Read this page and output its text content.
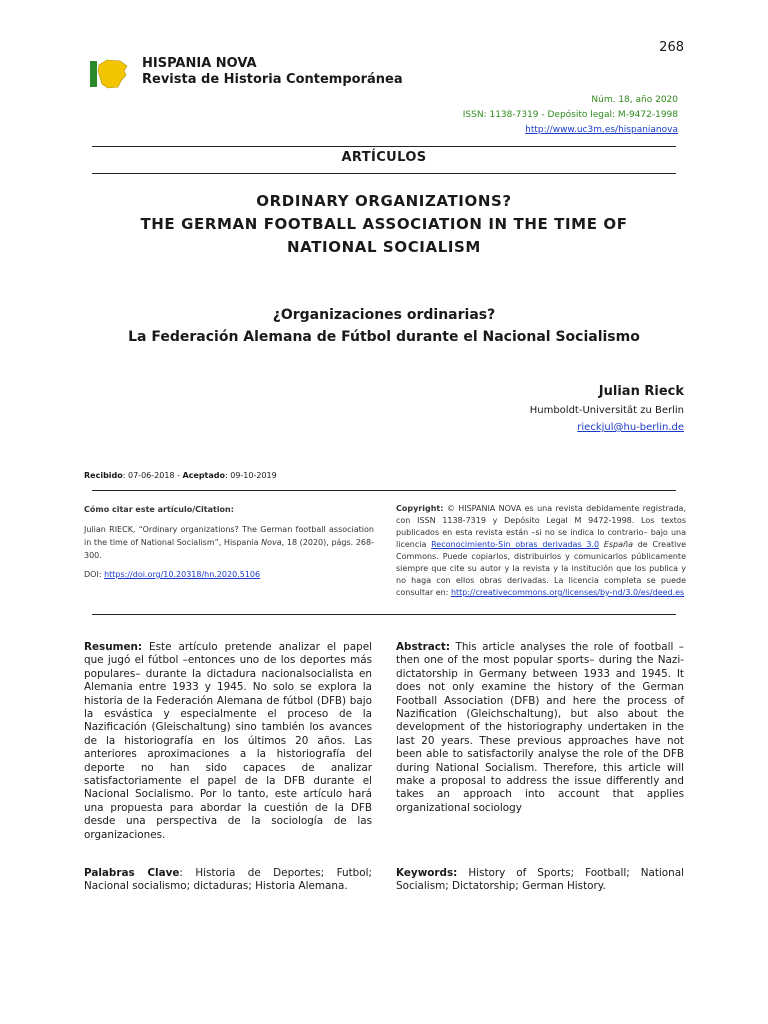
268
HISPANIA NOVA
Revista de Historia Contemporánea
Núm. 18, año 2020
ISSN: 1138-7319 - Depósito legal: M-9472-1998
http://www.uc3m.es/hispanianova
ARTÍCULOS
ORDINARY ORGANIZATIONS?
THE GERMAN FOOTBALL ASSOCIATION IN THE TIME OF
NATIONAL SOCIALISM
¿Organizaciones ordinarias?
La Federación Alemana de Fútbol durante el Nacional Socialismo
Julian Rieck
Humboldt-Universität zu Berlin
rieckjul@hu-berlin.de
Recibido: 07-06-2018 - Aceptado: 09-10-2019
Cómo citar este artículo/Citation:

Julian RIECK, “Ordinary organizations? The German football association in the time of National Socialism”, Hispania Nova, 18 (2020), págs. 268-300.

DOI: https://doi.org/10.20318/hn.2020.5106

Copyright: © HISPANIA NOVA es una revista debidamente registrada, con ISSN 1138-7319 y Depósito Legal M 9472-1998. Los textos publicados en esta revista están –si no se indica lo contrario– bajo una licencia Reconocimiento-Sin obras derivadas 3.0 España de Creative Commons. Puede copiarlos, distribuirlos y comunicarlos públicamente siempre que cite su autor y la revista y la institución que los publica y no haga con ellos obras derivadas. La licencia completa se puede consultar en: http://creativecommons.org/licenses/by-nd/3.0/es/deed.es
Resumen: Este artículo pretende analizar el papel que jugó el fútbol –entonces uno de los deportes más populares– durante la dictadura nacionalsocialista en Alemania entre 1933 y 1945. No solo se explora la historia de la Federación Alemana de fútbol (DFB) bajo la esvástica y especialmente el proceso de la Nazificación (Gleischaltung) sino también los avances de la historiografía en los últimos 20 años. Las anteriores aproximaciones a la historiografía del deporte no han sido capaces de analizar satisfactoriamente el papel de la DFB durante el Nacional Socialismo. Por lo tanto, este artículo hará una propuesta para abordar la cuestión de la DFB desde una perspectiva de la sociología de las organizaciones.
Abstract: This article analyses the role of football – then one of the most popular sports– during the Nazi-dictatorship in Germany between 1933 and 1945. It does not only examine the history of the German Football Association (DFB) and here the process of Nazification (Gleichschaltung), but also about the development of the historiography undertaken in the last 20 years. These previous approaches have not been able to satisfactorily analyse the role of the DFB during National Socialism. Therefore, this article will make a proposal to address the issue differently and takes an approach into account that applies organizational sociology
Palabras Clave: Historia de Deportes; Futbol; Nacional socialismo; dictaduras; Historia Alemana.
Keywords: History of Sports; Football; National Socialism; Dictatorship; German History.
